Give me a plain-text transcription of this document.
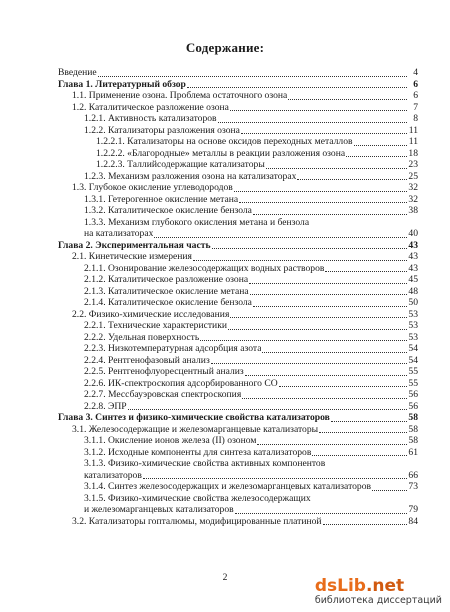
Содержание:
Введение	4
Глава 1. Литературный обзор	6
1.1. Применение озона. Проблема остаточного озона	6
1.2. Каталитическое разложение озона	7
1.2.1. Активность катализаторов	8
1.2.2. Катализаторы разложения озона	11
1.2.2.1. Катализаторы на основе оксидов переходных металлов	11
1.2.2.2. «Благородные» металлы в реакции разложения озона	18
1.2.2.3. Таллийсодержащие катализаторы	23
1.2.3. Механизм разложения озона на катализаторах	25
1.3. Глубокое окисление углеводородов	32
1.3.1. Гетерогенное окисление метана	32
1.3.2. Каталитическое окисление бензола	38
1.3.3. Механизм глубокого окисления метана и бензола
на катализаторах	40
Глава 2. Экспериментальная часть	43
2.1. Кинетические измерения	43
2.1.1. Озонирование железосодержащих водных растворов	43
2.1.2. Каталитическое разложение озона	45
2.1.3. Каталитическое окисление метана	48
2.1.4. Каталитическое окисление бензола	50
2.2. Физико-химические исследования	53
2.2.1. Технические характеристики	53
2.2.2. Удельная поверхность	53
2.2.3. Низкотемпературная адсорбция азота	54
2.2.4. Рентгенофазовый анализ	54
2.2.5. Рентгенофлуоресцентный анализ	55
2.2.6. ИК-спектроскопия адсорбированного CO	55
2.2.7. Мессбауэровская спектроскопия	56
2.2.8. ЭПР	56
Глава 3. Синтез и физико-химические свойства катализаторов	58
3.1. Железосодержащие и железомарганцевые катализаторы	58
3.1.1. Окисление ионов железа (II) озоном	58
3.1.2. Исходные компоненты для синтеза катализаторов	61
3.1.3. Физико-химические свойства активных компонентов
катализаторов	66
3.1.4. Синтез железосодержащих и железомарганцевых катализаторов	73
3.1.5. Физико-химические свойства железосодержащих
и железомарганцевых катализаторов	79
3.2. Катализаторы гопталюмы, модифицированные платиной	84
2	dsLib.net
библиотека диссертаций
